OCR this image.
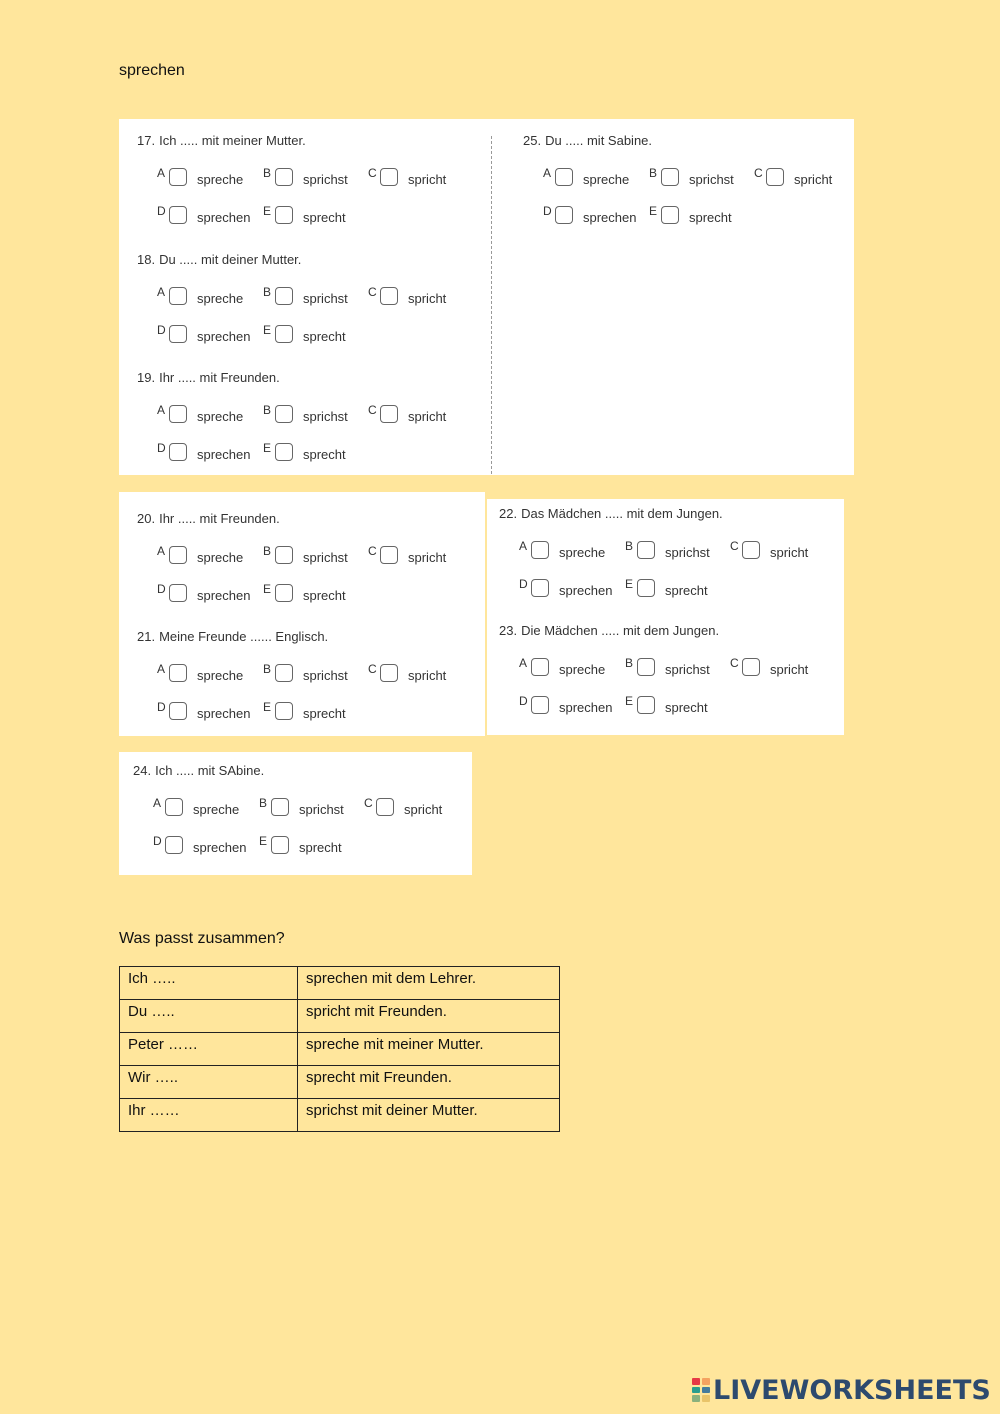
sprechen
17. Ich ..... mit meiner Mutter.
A spreche B sprichst C spricht
D sprechen E sprecht
18. Du ..... mit deiner Mutter.
A spreche B sprichst C spricht
D sprechen E sprecht
19. Ihr ..... mit Freunden.
A spreche B sprichst C spricht
D sprechen E sprecht
25. Du ..... mit Sabine.
A spreche B sprichst C spricht
D sprechen E sprecht
20. Ihr ..... mit Freunden.
A spreche B sprichst C spricht
D sprechen E sprecht
21. Meine Freunde ...... Englisch.
A spreche B sprichst C spricht
D sprechen E sprecht
22. Das Mädchen ..... mit dem Jungen.
A spreche B sprichst C spricht
D sprechen E sprecht
23. Die Mädchen ..... mit dem Jungen.
A spreche B sprichst C spricht
D sprechen E sprecht
24. Ich ..... mit SAbine.
A spreche B sprichst C spricht
D sprechen E sprecht
Was passt zusammen?
Ich …..	sprechen mit dem Lehrer.
Du …..	spricht mit Freunden.
Peter ……	spreche mit meiner Mutter.
Wir …..	sprecht mit Freunden.
Ihr ……	sprichst mit deiner Mutter.
LIVEWORKSHEETS
